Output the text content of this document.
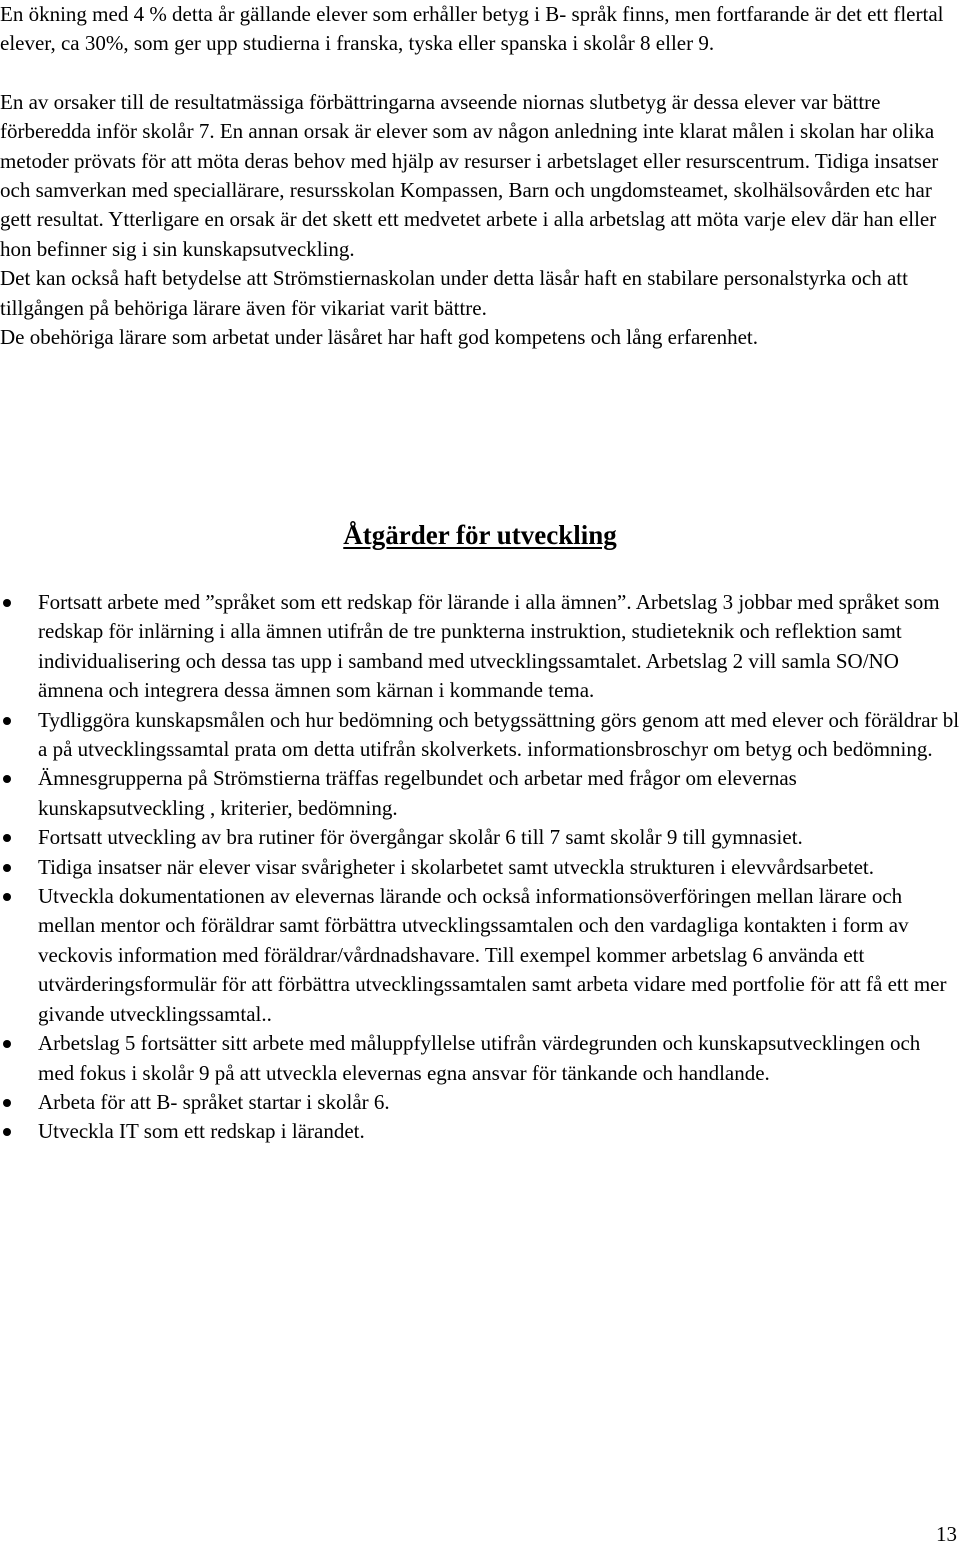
En ökning med 4 % detta år gällande elever som erhåller betyg i B- språk finns, men fortfarande är det ett flertal elever, ca 30%, som ger upp studierna i franska, tyska eller spanska i skolår 8 eller 9.

En av orsaker till de resultatmässiga förbättringarna avseende niornas slutbetyg är dessa elever var bättre förberedda inför skolår 7. En annan orsak är elever som av någon anledning inte klarat målen i skolan har olika metoder prövats för att möta deras behov med hjälp av resurser i arbetslaget eller resurscentrum. Tidiga insatser och samverkan med speciallärare, resursskolan Kompassen, Barn och ungdomsteamet, skolhälsovården etc har gett resultat. Ytterligare en orsak är det skett ett medvetet arbete i alla arbetslag att möta varje elev där han eller hon befinner sig i sin kunskapsutveckling.

Det kan också haft betydelse att Strömstiernaskolan under detta läsår haft en stabilare personalstyrka och att tillgången på behöriga lärare även för vikariat varit bättre.

De obehöriga lärare som arbetat under läsåret har haft god kompetens och lång erfarenhet.

Åtgärder för utveckling
Fortsatt arbete med ”språket som ett redskap för lärande i alla ämnen”. Arbetslag 3 jobbar med språket som redskap för inlärning i alla ämnen utifrån de tre punkterna instruktion, studieteknik och reflektion samt individualisering och dessa tas upp i samband med utvecklingssamtalet. Arbetslag 2 vill samla SO/NO ämnena och integrera dessa ämnen som kärnan i kommande tema.
Tydliggöra kunskapsmålen och hur bedömning och betygssättning görs genom att med elever och föräldrar bl a på utvecklingssamtal prata om detta utifrån skolverkets. informationsbroschyr om betyg och bedömning.
Ämnesgrupperna på Strömstierna träffas regelbundet och arbetar med frågor om elevernas kunskapsutveckling , kriterier, bedömning.
Fortsatt utveckling av bra rutiner för övergångar skolår 6 till 7 samt skolår 9 till gymnasiet.
Tidiga insatser när elever visar svårigheter i skolarbetet samt utveckla strukturen i elevvårdsarbetet.
Utveckla dokumentationen av elevernas lärande och också informationsöverföringen mellan lärare och mellan mentor och föräldrar samt förbättra utvecklingssamtalen och den vardagliga kontakten i form av veckovis information med föräldrar/vårdnadshavare. Till exempel kommer arbetslag 6 använda ett utvärderingsformulär för att förbättra utvecklingssamtalen samt arbeta vidare med portfolie för att få ett mer givande utvecklingssamtal..
Arbetslag 5 fortsätter sitt arbete med måluppfyllelse utifrån värdegrunden och kunskapsutvecklingen och med fokus i skolår 9 på att utveckla elevernas egna ansvar för tänkande och handlande.
Arbeta för att B- språket startar i skolår 6.
Utveckla IT som ett redskap i lärandet.
13
